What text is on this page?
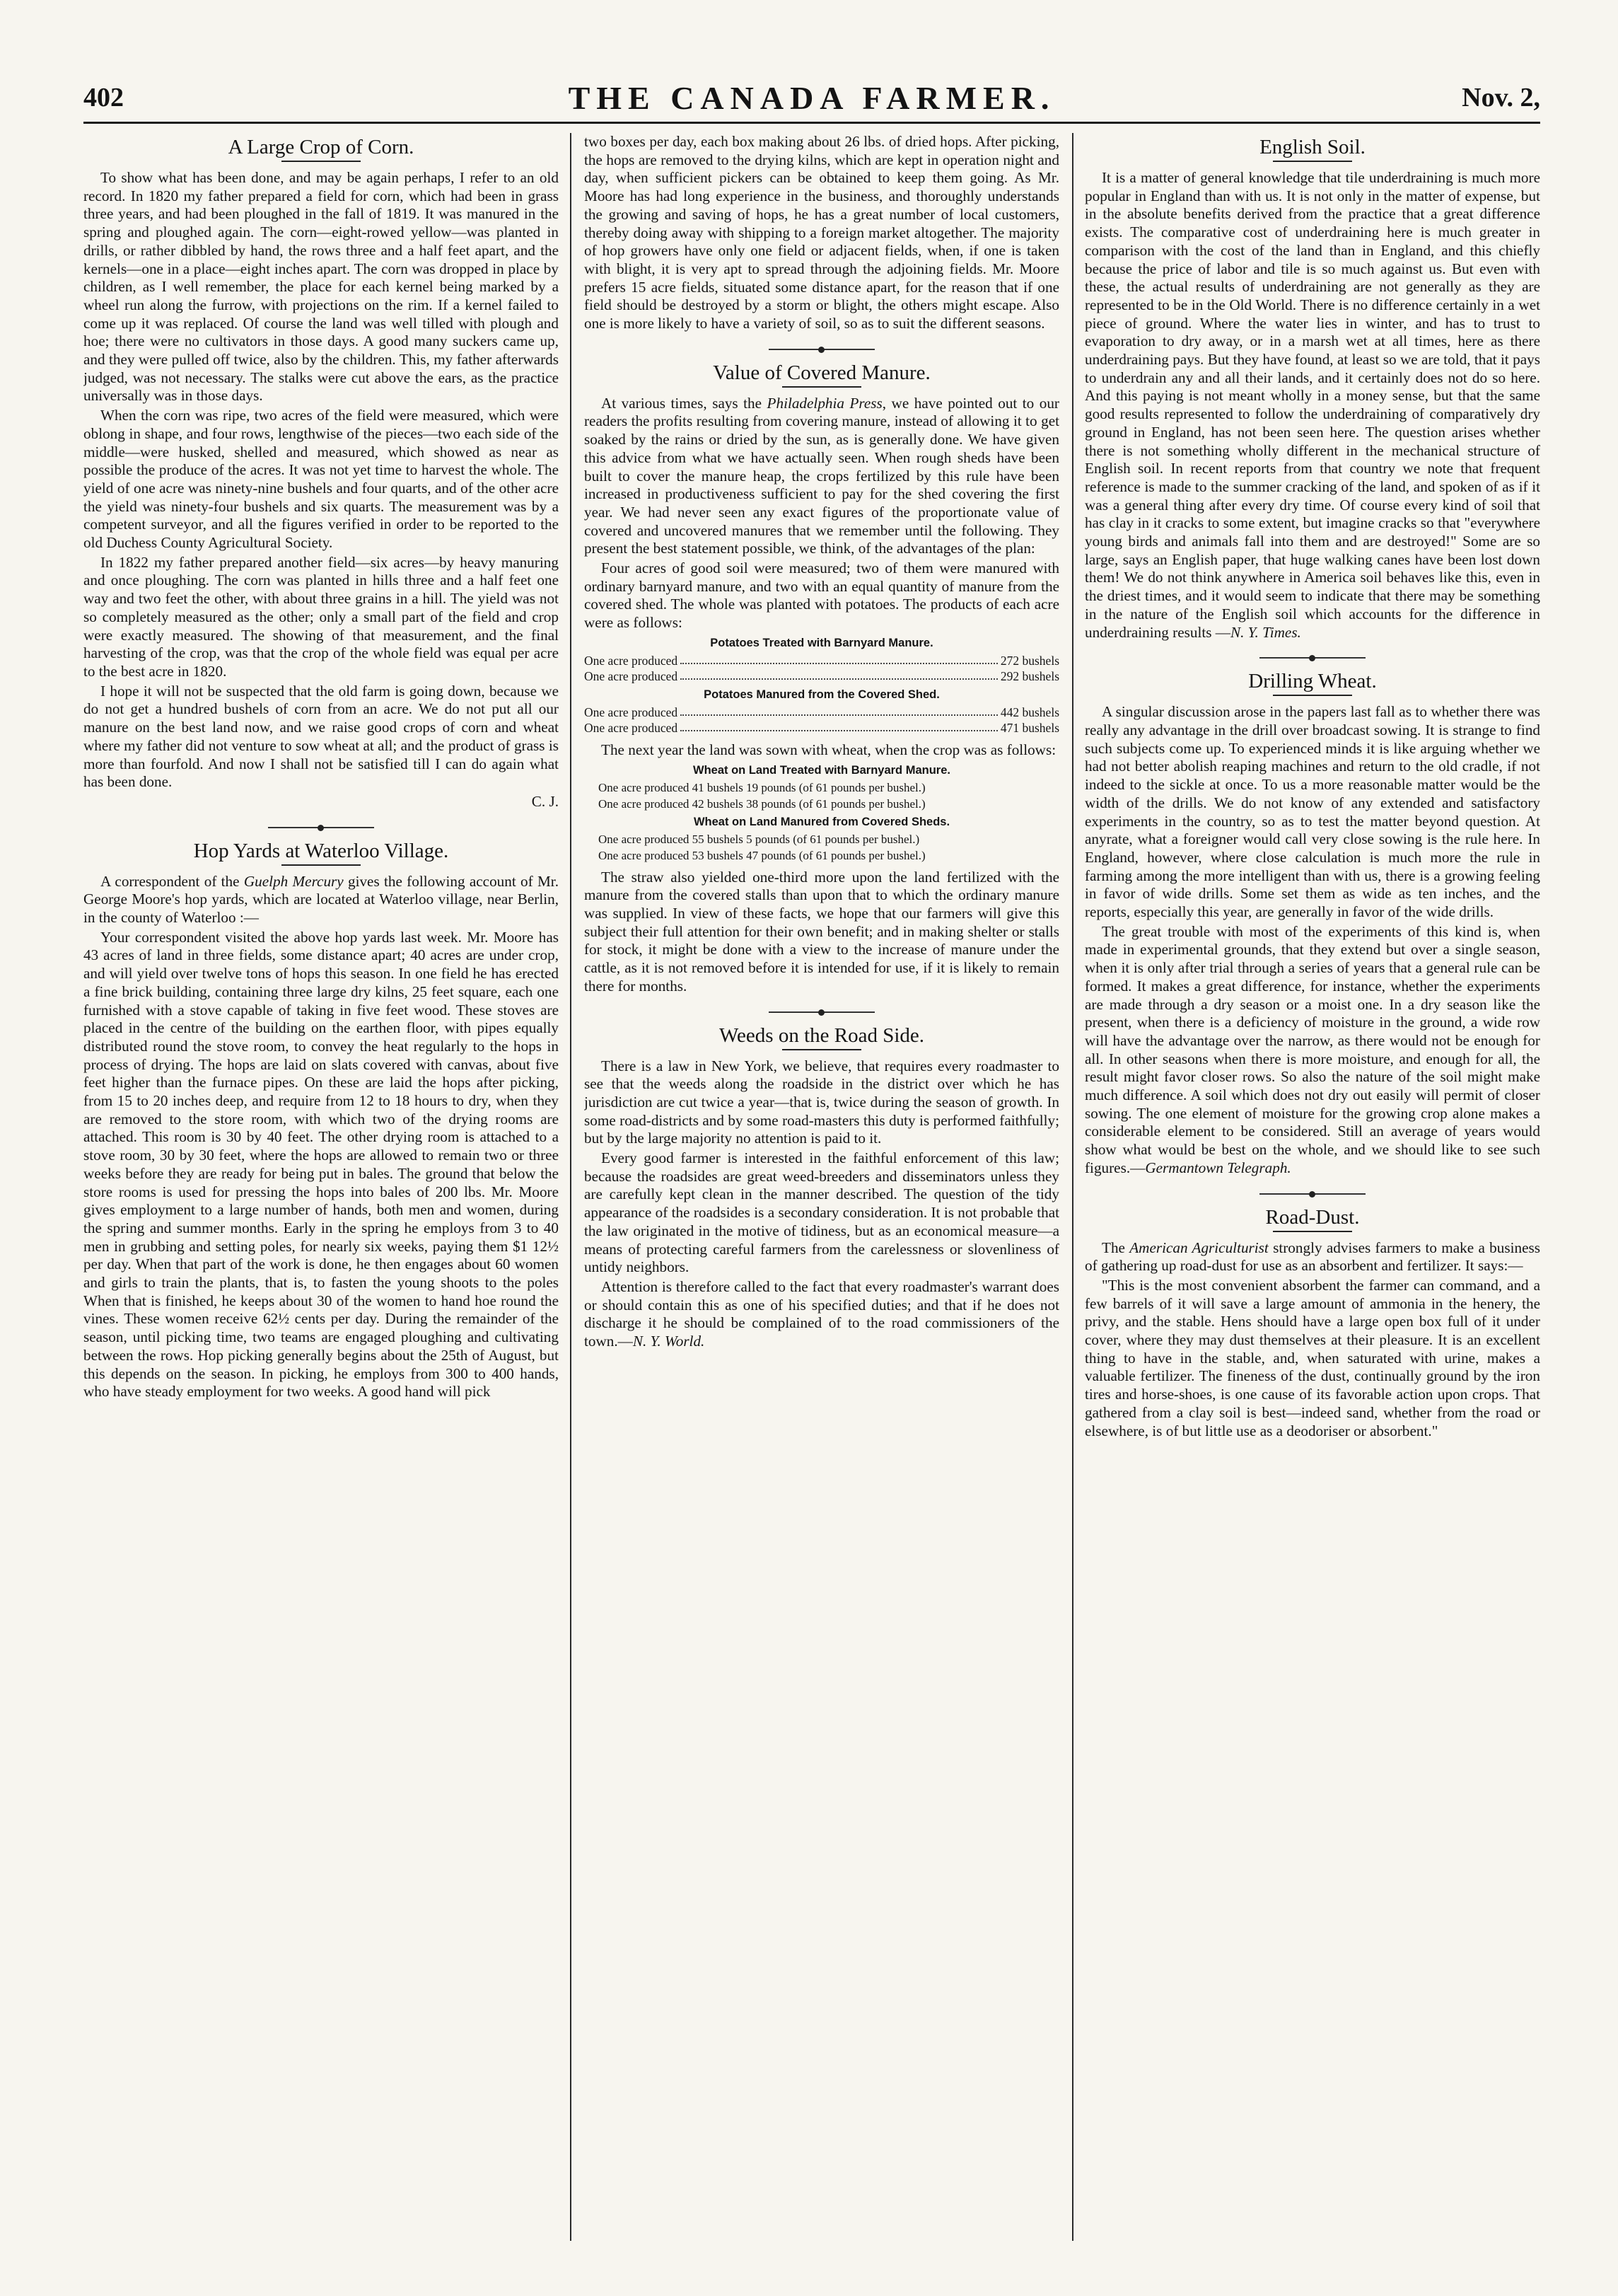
402	THE CANADA FARMER.	Nov. 2,
A Large Crop of Corn.

To show what has been done, and may be again perhaps, I refer to an old record. In 1820 my father prepared a field for corn, which had been in grass three years, and had been ploughed in the fall of 1819. It was manured in the spring and ploughed again. The corn—eight-rowed yellow—was planted in drills, or rather dibbled by hand, the rows three and a half feet apart, and the kernels—one in a place—eight inches apart. The corn was dropped in place by children, as I well remember, the place for each kernel being marked by a wheel run along the furrow, with projections on the rim. If a kernel failed to come up it was replaced. Of course the land was well tilled with plough and hoe; there were no cultivators in those days. A good many suckers came up, and they were pulled off twice, also by the children. This, my father afterwards judged, was not necessary. The stalks were cut above the ears, as the practice universally was in those days.

When the corn was ripe, two acres of the field were measured, which were oblong in shape, and four rows, lengthwise of the pieces—two each side of the middle—were husked, shelled and measured, which showed as near as possible the produce of the acres. It was not yet time to harvest the whole. The yield of one acre was ninety-nine bushels and four quarts, and of the other acre the yield was ninety-four bushels and six quarts. The measurement was by a competent surveyor, and all the figures verified in order to be reported to the old Duchess County Agricultural Society.

In 1822 my father prepared another field—six acres—by heavy manuring and once ploughing. The corn was planted in hills three and a half feet one way and two feet the other, with about three grains in a hill. The yield was not so completely measured as the other; only a small part of the field and crop were exactly measured. The showing of that measurement, and the final harvesting of the crop, was that the crop of the whole field was equal per acre to the best acre in 1820.

I hope it will not be suspected that the old farm is going down, because we do not get a hundred bushels of corn from an acre. We do not put all our manure on the best land now, and we raise good crops of corn and wheat where my father did not venture to sow wheat at all; and the product of grass is more than fourfold. And now I shall not be satisfied till I can do again what has been done.

C. J.

Hop Yards at Waterloo Village.

A correspondent of the Guelph Mercury gives the following account of Mr. George Moore's hop yards, which are located at Waterloo village, near Berlin, in the county of Waterloo :—

Your correspondent visited the above hop yards last week. Mr. Moore has 43 acres of land in three fields, some distance apart; 40 acres are under crop, and will yield over twelve tons of hops this season. In one field he has erected a fine brick building, containing three large dry kilns, 25 feet square, each one furnished with a stove capable of taking in five feet wood. These stoves are placed in the centre of the building on the earthen floor, with pipes equally distributed round the stove room, to convey the heat regularly to the hops in process of drying. The hops are laid on slats covered with canvas, about five feet higher than the furnace pipes. On these are laid the hops after picking, from 15 to 20 inches deep, and require from 12 to 18 hours to dry, when they are removed to the store room, with which two of the drying rooms are attached. This room is 30 by 40 feet. The other drying room is attached to a stove room, 30 by 30 feet, where the hops are allowed to remain two or three weeks before they are ready for being put in bales. The ground that below the store rooms is used for pressing the hops into bales of 200 lbs. Mr. Moore gives employment to a large number of hands, both men and women, during the spring and summer months. Early in the spring he employs from 3 to 40 men in grubbing and setting poles, for nearly six weeks, paying them $1 12½ per day. When that part of the work is done, he then engages about 60 women and girls to train the plants, that is, to fasten the young shoots to the poles When that is finished, he keeps about 30 of the women to hand hoe round the vines. These women receive 62½ cents per day. During the remainder of the season, until picking time, two teams are engaged ploughing and cultivating between the rows. Hop picking generally begins about the 25th of August, but this depends on the season. In picking, he employs from 300 to 400 hands, who have steady employment for two weeks. A good hand will pick

two boxes per day, each box making about 26 lbs. of dried hops. After picking, the hops are removed to the drying kilns, which are kept in operation night and day, when sufficient pickers can be obtained to keep them going. As Mr. Moore has had long experience in the business, and thoroughly understands the growing and saving of hops, he has a great number of local customers, thereby doing away with shipping to a foreign market altogether. The majority of hop growers have only one field or adjacent fields, when, if one is taken with blight, it is very apt to spread through the adjoining fields. Mr. Moore prefers 15 acre fields, situated some distance apart, for the reason that if one field should be destroyed by a storm or blight, the others might escape. Also one is more likely to have a variety of soil, so as to suit the different seasons.

Value of Covered Manure.

At various times, says the Philadelphia Press, we have pointed out to our readers the profits resulting from covering manure, instead of allowing it to get soaked by the rains or dried by the sun, as is generally done. We have given this advice from what we have actually seen. When rough sheds have been built to cover the manure heap, the crops fertilized by this rule have been increased in productiveness sufficient to pay for the shed covering the first year. We had never seen any exact figures of the proportionate value of covered and uncovered manures that we remember until the following. They present the best statement possible, we think, of the advantages of the plan:

Four acres of good soil were measured; two of them were manured with ordinary barnyard manure, and two with an equal quantity of manure from the covered shed. The whole was planted with potatoes. The products of each acre were as follows:

Potatoes Treated with Barnyard Manure.
One acre produced	272 bushels
One acre produced	292 bushels
Potatoes Manured from the Covered Shed.
One acre produced	442 bushels
One acre produced	471 bushels

The next year the land was sown with wheat, when the crop was as follows:

Wheat on Land Treated with Barnyard Manure.

One acre produced 41 bushels 19 pounds (of 61 pounds per bushel.)

One acre produced 42 bushels 38 pounds (of 61 pounds per bushel.)

Wheat on Land Manured from Covered Sheds.

One acre produced 55 bushels 5 pounds (of 61 pounds per bushel.)

One acre produced 53 bushels 47 pounds (of 61 pounds per bushel.)

The straw also yielded one-third more upon the land fertilized with the manure from the covered stalls than upon that to which the ordinary manure was supplied. In view of these facts, we hope that our farmers will give this subject their full attention for their own benefit; and in making shelter or stalls for stock, it might be done with a view to the increase of manure under the cattle, as it is not removed before it is intended for use, if it is likely to remain there for months.

Weeds on the Road Side.

There is a law in New York, we believe, that requires every roadmaster to see that the weeds along the roadside in the district over which he has jurisdiction are cut twice a year—that is, twice during the season of growth. In some road-districts and by some road-masters this duty is performed faithfully; but by the large majority no attention is paid to it.

Every good farmer is interested in the faithful enforcement of this law; because the roadsides are great weed-breeders and disseminators unless they are carefully kept clean in the manner described. The question of the tidy appearance of the roadsides is a secondary consideration. It is not probable that the law originated in the motive of tidiness, but as an economical measure—a means of protecting careful farmers from the carelessness or slovenliness of untidy neighbors.

Attention is therefore called to the fact that every roadmaster's warrant does or should contain this as one of his specified duties; and that if he does not discharge it he should be complained of to the road commissioners of the town.—N. Y. World.

English Soil.

It is a matter of general knowledge that tile underdraining is much more popular in England than with us. It is not only in the matter of expense, but in the absolute benefits derived from the practice that a great difference exists. The comparative cost of underdraining here is much greater in comparison with the cost of the land than in England, and this chiefly because the price of labor and tile is so much against us. But even with these, the actual results of underdraining are not generally as they are represented to be in the Old World. There is no difference certainly in a wet piece of ground. Where the water lies in winter, and has to trust to evaporation to dry away, or in a marsh wet at all times, here as there underdraining pays. But they have found, at least so we are told, that it pays to underdrain any and all their lands, and it certainly does not do so here. And this paying is not meant wholly in a money sense, but that the same good results represented to follow the underdraining of comparatively dry ground in England, has not been seen here. The question arises whether there is not something wholly different in the mechanical structure of English soil. In recent reports from that country we note that frequent reference is made to the summer cracking of the land, and spoken of as if it was a general thing after every dry time. Of course every kind of soil that has clay in it cracks to some extent, but imagine cracks so that "everywhere young birds and animals fall into them and are destroyed!" Some are so large, says an English paper, that huge walking canes have been lost down them! We do not think anywhere in America soil behaves like this, even in the driest times, and it would seem to indicate that there may be something in the nature of the English soil which accounts for the difference in underdraining results —N. Y. Times.

Drilling Wheat.

A singular discussion arose in the papers last fall as to whether there was really any advantage in the drill over broadcast sowing. It is strange to find such subjects come up. To experienced minds it is like arguing whether we had not better abolish reaping machines and return to the old cradle, if not indeed to the sickle at once. To us a more reasonable matter would be the width of the drills. We do not know of any extended and satisfactory experiments in the country, so as to test the matter beyond question. At anyrate, what a foreigner would call very close sowing is the rule here. In England, however, where close calculation is much more the rule in farming among the more intelligent than with us, there is a growing feeling in favor of wide drills. Some set them as wide as ten inches, and the reports, especially this year, are generally in favor of the wide drills.

The great trouble with most of the experiments of this kind is, when made in experimental grounds, that they extend but over a single season, when it is only after trial through a series of years that a general rule can be formed. It makes a great difference, for instance, whether the experiments are made through a dry season or a moist one. In a dry season like the present, when there is a deficiency of moisture in the ground, a wide row will have the advantage over the narrow, as there would not be enough for all. In other seasons when there is more moisture, and enough for all, the result might favor closer rows. So also the nature of the soil might make much difference. A soil which does not dry out easily will permit of closer sowing. The one element of moisture for the growing crop alone makes a considerable element to be considered. Still an average of years would show what would be best on the whole, and we should like to see such figures.—Germantown Telegraph.

Road-Dust.

The American Agriculturist strongly advises farmers to make a business of gathering up road-dust for use as an absorbent and fertilizer. It says:—

"This is the most convenient absorbent the farmer can command, and a few barrels of it will save a large amount of ammonia in the henery, the privy, and the stable. Hens should have a large open box full of it under cover, where they may dust themselves at their pleasure. It is an excellent thing to have in the stable, and, when saturated with urine, makes a valuable fertilizer. The fineness of the dust, continually ground by the iron tires and horse-shoes, is one cause of its favorable action upon crops. That gathered from a clay soil is best—indeed sand, whether from the road or elsewhere, is of but little use as a deodoriser or absorbent."
